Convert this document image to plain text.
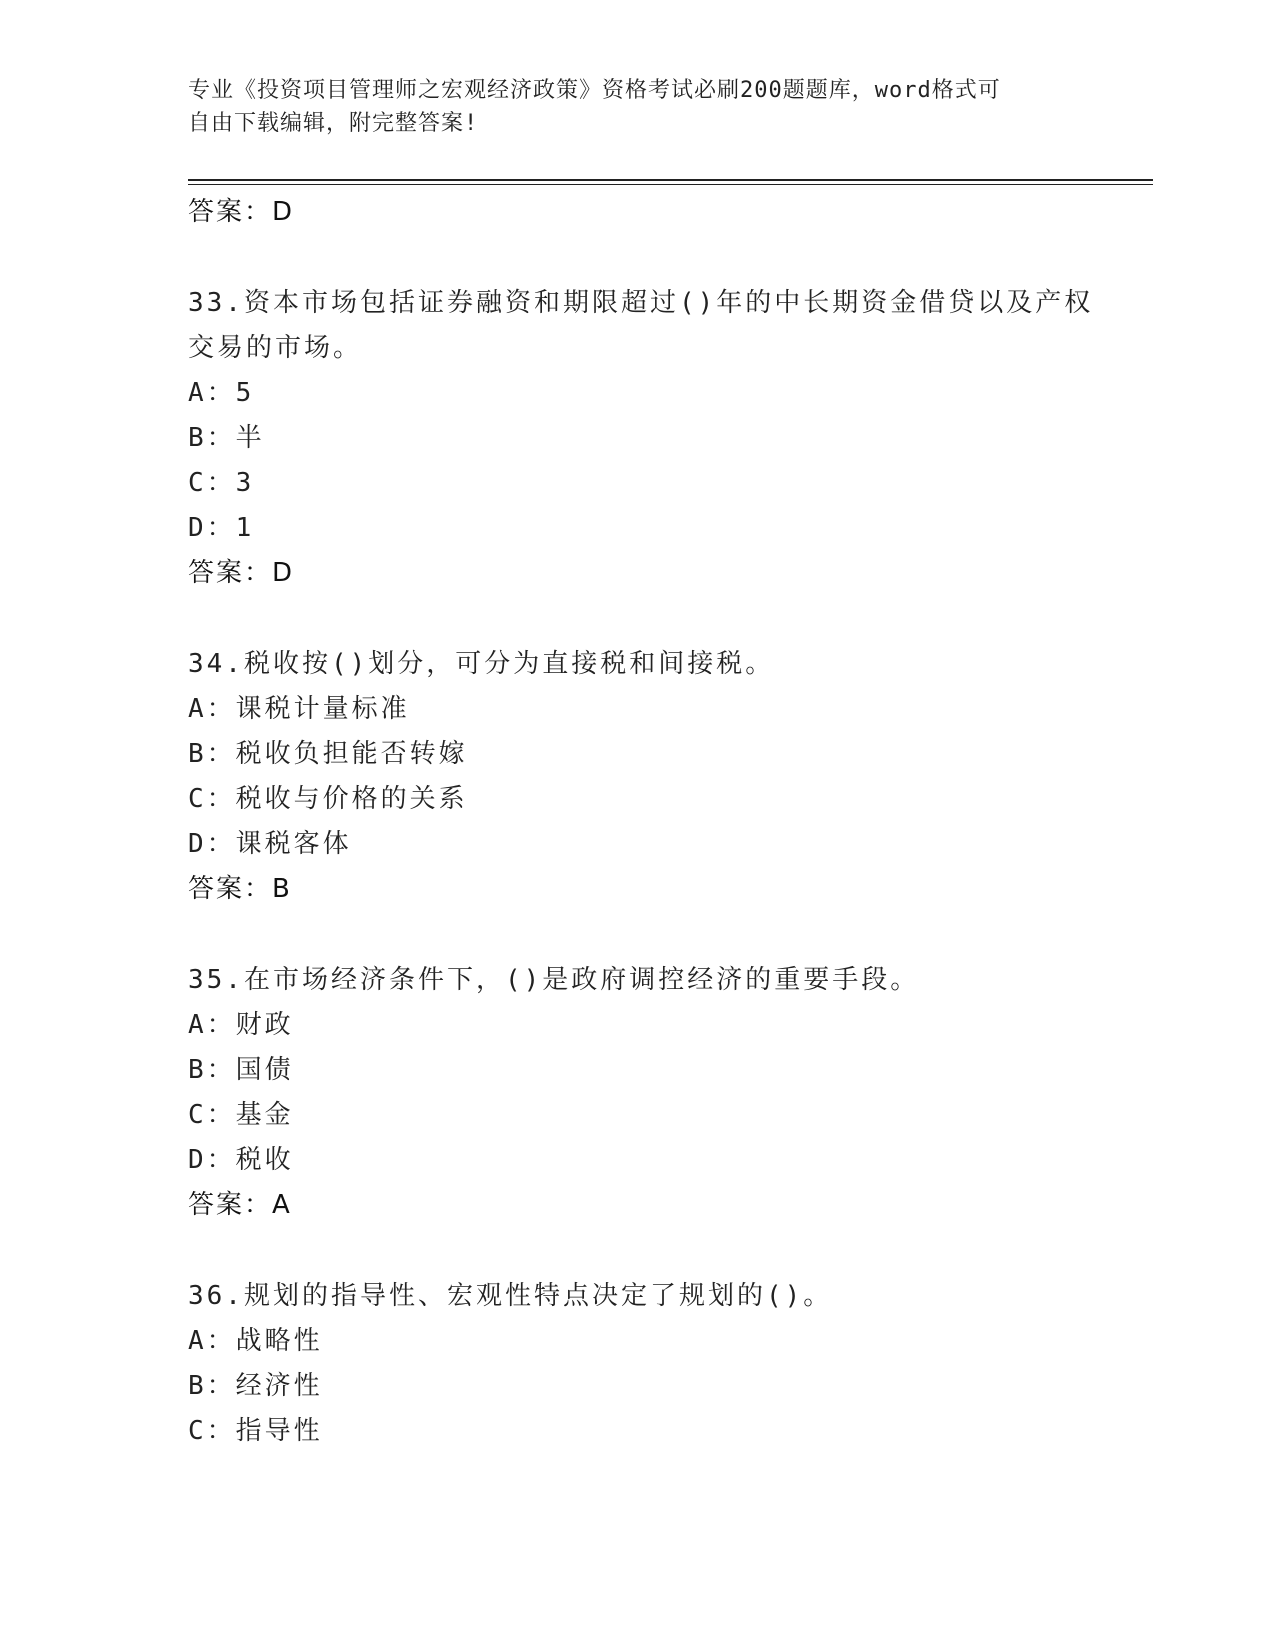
专业《投资项目管理师之宏观经济政策》资格考试必刷200题题库，word格式可
自由下载编辑，附完整答案!
答案：D
33.资本市场包括证券融资和期限超过()年的中长期资金借贷以及产权
交易的市场。
A：5
B：半
C：3
D：1
答案：D
34.税收按()划分，可分为直接税和间接税。
A：课税计量标准
B：税收负担能否转嫁
C：税收与价格的关系
D：课税客体
答案：B
35.在市场经济条件下，()是政府调控经济的重要手段。
A：财政
B：国债
C：基金
D：税收
答案：A
36.规划的指导性、宏观性特点决定了规划的()。
A：战略性
B：经济性
C：指导性
